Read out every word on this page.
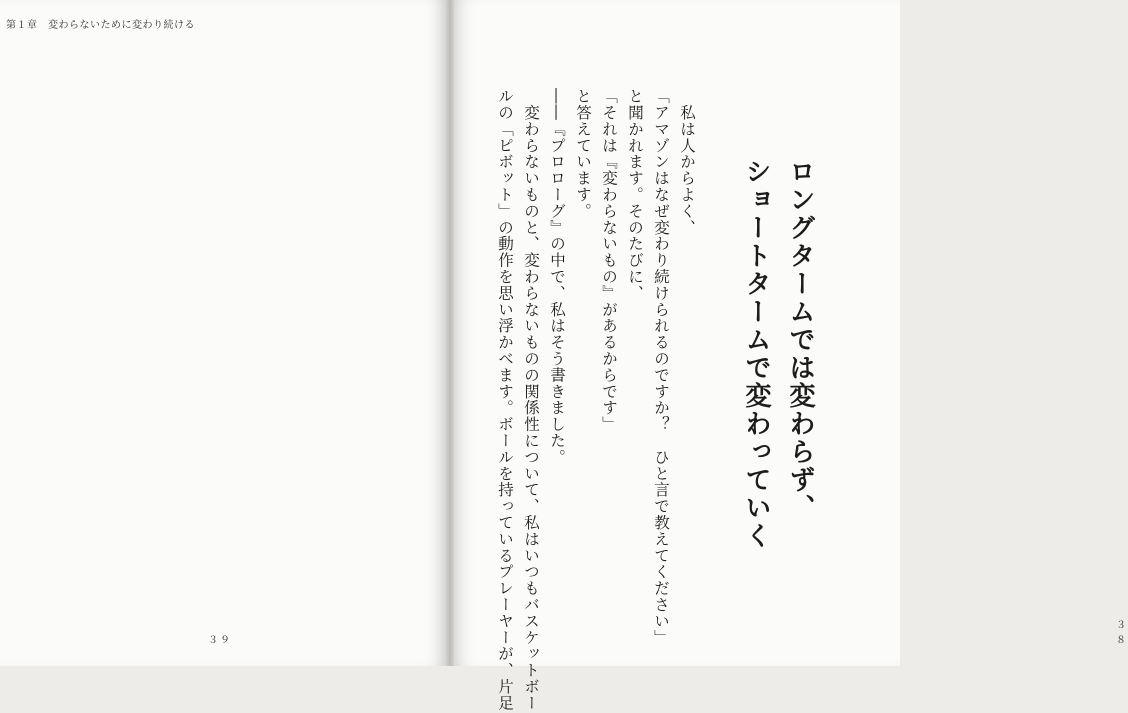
第１章　変わらないために変わり続ける
３９
　私は人からよく、
「アマゾンはなぜ変わり続けられるのですか？　ひと言で教えてください」
と聞かれます。そのたびに、
「それは『変わらないもの』があるからです」
と答えています。
――『プロローグ』の中で、私はそう書きました。
　変わらないものと、変わらないものの関係性について、私はいつもバスケットボー
ルの「ピボット」の動作を思い浮かべます。ボールを持っているプレーヤーが、片足	ロングタームでは変わらず、
ショートタームで変わっていく
３８
